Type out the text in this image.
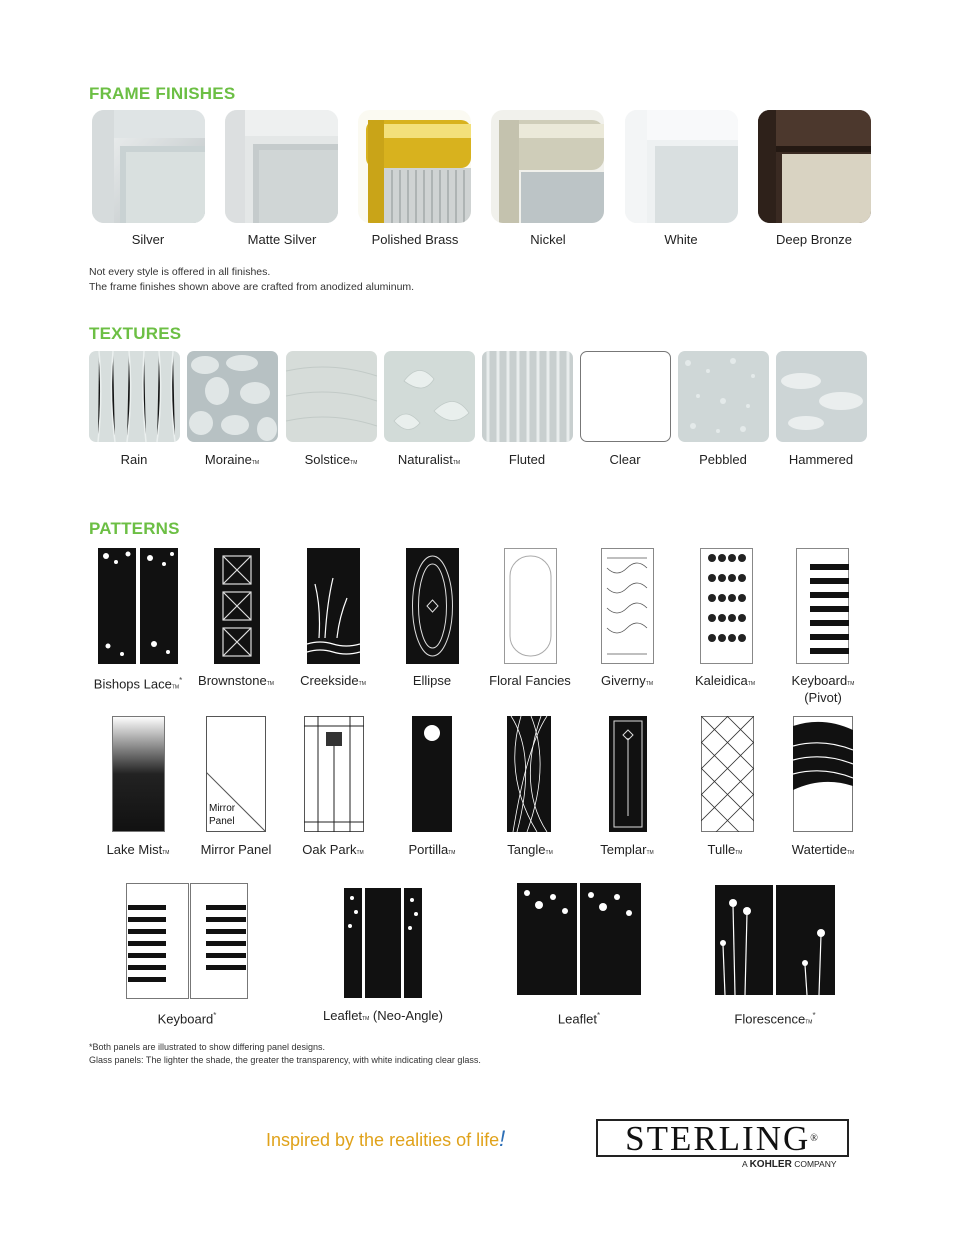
FRAME FINISHES
TEXTURES
PATTERNS
Silver	Matte Silver	Polished Brass	Nickel	White	Deep Bronze
Not every style is offered in all finishes.
The frame finishes shown above are crafted from anodized aluminum.
Rain	MoraineTM	SolsticeTM	NaturalistTM	Fluted	Clear	Pebbled	Hammered
Bishops LaceTM*	BrownstoneTM	CreeksideTM	Ellipse	Floral Fancies	GivernyTM	KaleidicaTM	KeyboardTM
(Pivot)
Mirror
Panel
Lake MistTM	Mirror Panel	Oak ParkTM	PortillaTM	TangleTM	TemplarTM	TulleTM	WatertideTM
Keyboard*	LeafletTM (Neo-Angle)	Leaflet*	FlorescenceTM*
*Both panels are illustrated to show differing panel designs.
Glass panels: The lighter the shade, the greater the transparency, with white indicating clear glass.
Inspired by the realities of life!	STERLING®
A KOHLER COMPANY
